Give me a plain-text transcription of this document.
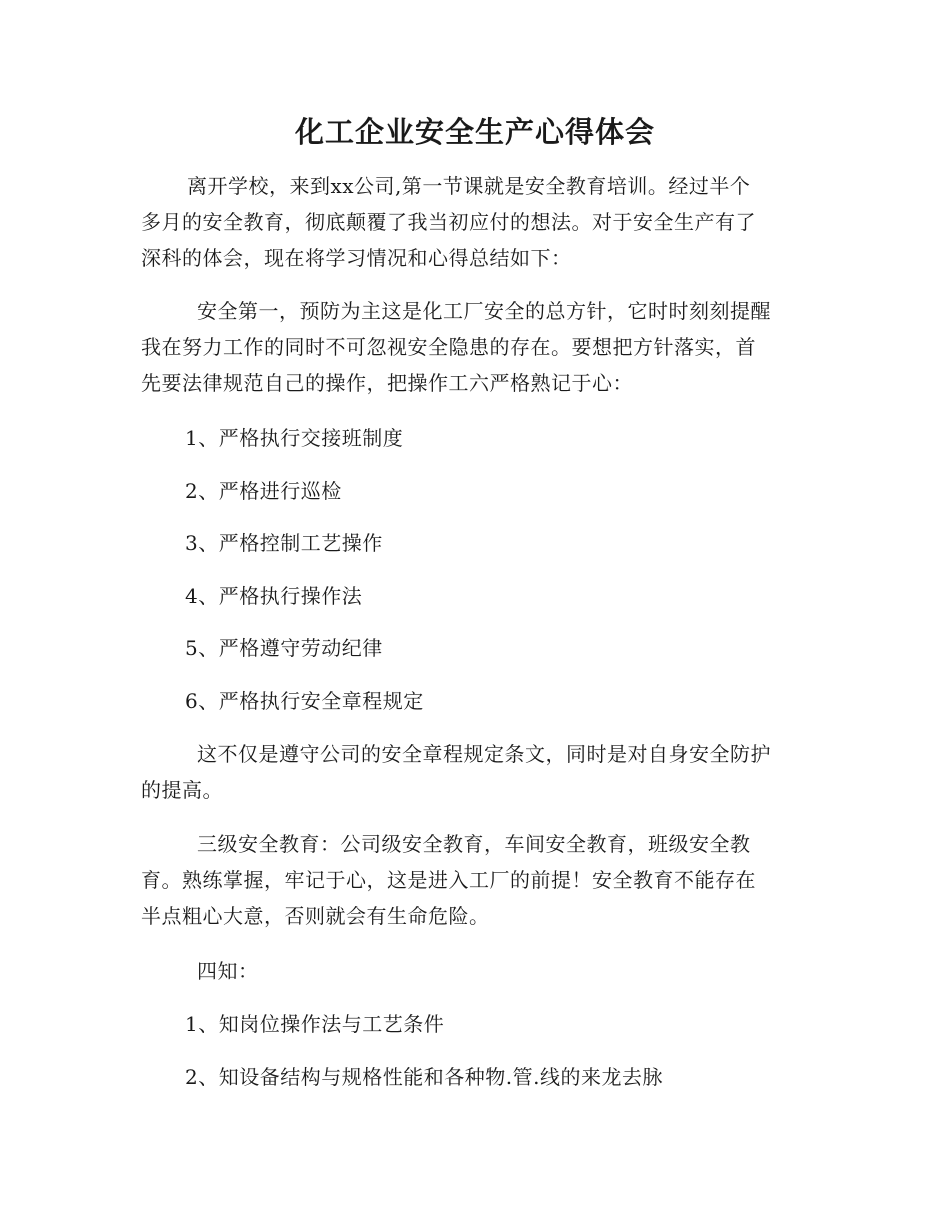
化工企业安全生产心得体会
离开学校，来到xx公司,第一节课就是安全教育培训。经过半个
多月的安全教育，彻底颠覆了我当初应付的想法。对于安全生产有了
深科的体会，现在将学习情况和心得总结如下：
安全第一，预防为主这是化工厂安全的总方针，它时时刻刻提醒
我在努力工作的同时不可忽视安全隐患的存在。要想把方针落实，首
先要法律规范自己的操作，把操作工六严格熟记于心：
1、严格执行交接班制度
2、严格进行巡检
3、严格控制工艺操作
4、严格执行操作法
5、严格遵守劳动纪律
6、严格执行安全章程规定
这不仅是遵守公司的安全章程规定条文，同时是对自身安全防护
的提高。
三级安全教育：公司级安全教育，车间安全教育，班级安全教
育。熟练掌握，牢记于心，这是进入工厂的前提！安全教育不能存在
半点粗心大意，否则就会有生命危险。
四知：
1、知岗位操作法与工艺条件
2、知设备结构与规格性能和各种物.管.线的来龙去脉
